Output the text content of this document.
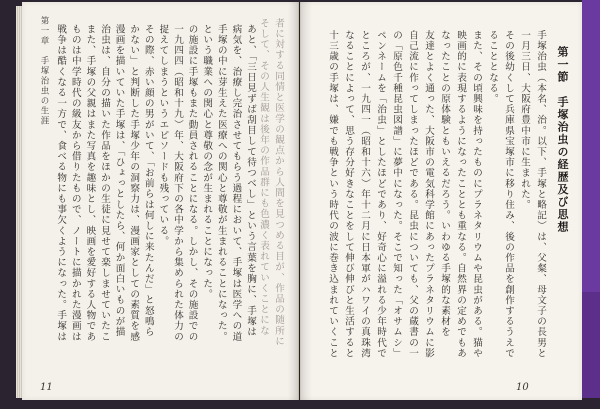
第一章　手塚治虫の生涯
11
者に対する同情と医学の観点から人間を見つめる目が、作品の随所に
そして、その人生観は後年の作品群にも色濃く表れていくことにな
あと、「三日見ずば刮目して待つべし」という言葉を胸に、手塚は
病気を、治療し完治させてもらう過程において、手塚は医学への道
手塚の中に芽生えた医療への関心と尊敬が生まれることになった。
という職業への関心と尊敬の念が生まれることになった。
の施設に手塚もまた動員されることになる。しかし、その施設での
一九四四（昭和十九）年、大阪府下の各中学から集められた体力の
捉えてしまうというエピソードも残っている。
その際、赤い顔の男がいて、「お前らは何しに来たんだ」と怒鳴ら
かない」と判断した手塚少年の洞察力は、漫画家としての素質を感
漫画を描いていた手塚は、「ひょっとしたら、何か面白いものが描
治虫は、自分の描いた作品をほかの生徒に見せて楽しませていたこ
また、手塚の父親はまた写真を趣味とし、映画を愛好する人物であ
ものは中学時代の級友から借りたもので、ノートに描かれた漫画は
戦争は酷くなる一方で、食べる物にも事欠くようになった。手塚は
第一節　手塚治虫の経歴及び思想
10
手塚治虫（本名、治。以下、手塚と略記）は、父粲、母文子の長男と
一月三日、大阪府豊中市に生まれた。
その後幼くして兵庫県宝塚市に移り住み、後の作品を創作するうえで
ることとなる。
また、その頃興味を持ったものにプラネタリウムや昆虫がある。猫や
映画的に表現するようになったこととも重なる。自然界の定めでもあ
なったことの原体験ともいえるだろう。いわゆる手塚的な素材を
友達とよく通った、大阪市の電気科学館にあったプラネタリウムに影
自己流に作ってしまったほどである。昆虫についても、父の蔵書の一
の「原色千種昆虫図譜」に夢中になった。そこで知った「オサムシ」
ペンネームを「治虫」としたほどであり、好奇心に溢れる少年時代で
ところが、一九四一（昭和十六）年十二月に日本軍がハワイの真珠湾
なることによって、思う存分好きなことをして伸び伸びと生活すると
十三歳の手塚は、嫌でも戦争という時代の波に巻き込まれていくこと
